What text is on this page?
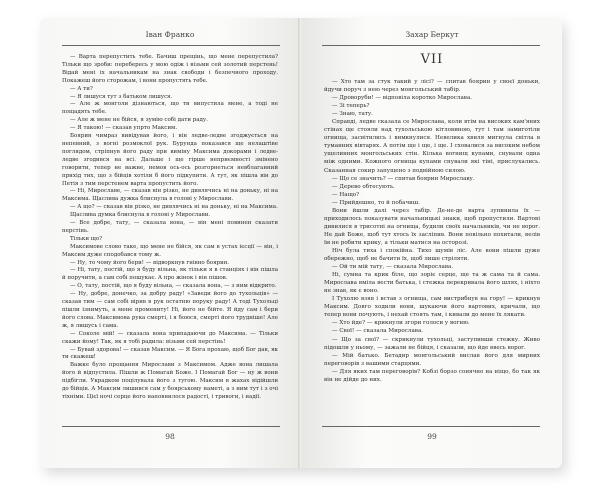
Іван Франко

— Варта перепустить тебе. Бачиш прещінь, що мене перепустила? Тільки що зроби: перебересь у мою одіж і візьми сей золотий перстень! Відай мені іх начальникам на знак свободи і безпечного проходу. Покажеш його сторожам, і вони пропустять тебе.

— А ти?

— Я лишуся тут з батьком лишуся.

— Але ж монголи дізнаються, що ти випустила мене, а тоді не пощадять тебе.

— Але ж мене не бійся, я зумію собі дати раду.

— Я такою! — сказав упрто Максим.

Боярин чимраз вивідував його, і він ледве-ледве згоджується на непевний, з вогні розмоклої рук. Бурунда показався ще нелаштіве поглядом, стріпнув його раду при виміну Максима докорами і ледве-ледве згодився на всі. Дальше і ще гірше неприємності змінено говорити, тепер не важне, немов ось-ось розгорнеться невблаганний прихід тих, що з бійців хотіли б його підкупити. А тут, як пішла він до Петія з тим перстенем варта пропустить його.

— Ні, Мирославе, — сказав він різко, не дивлячись ні на доньку, ні на Максима. Щаслива дужка блиснула в голові у Мирослави.

— А що? — сказав він різко, не дивлячись ні на доньку, ні на Максима.

Щаслива думка блиснула в голові у Мирослави.

— Все добре, тату, — сказала вона, — він мені повинен сказати перстінь.

Тільки що?

Максимове слово таке, що мене не бійся, як сам в устах ієсції — він, і Максим дуже сподобався тому ж.

— Ну, то чому його бери! — відворкнув гнівно боярин.

— Ні, тату, постій, що я буду вільна, як тільки я в станціях і він пішла й поручити, а сам собі пошукає. А про жінок і він пішов.

— О, тату, постій, що я буду вільна, — сказала вона, — з ним відкрито.

— Ну, добре, донечко, за добру раду! «Заведи його до тухольців» — сказав тим — сам собі вірив в рук остатню поруку раду! А тоді Тухольці пішли ізнимуть, а мене промениту! Ні, його не бійте. Я йду сам і бери його слова. Максимова рука смерті, і я боюся, смерті його трудніше! Але ж, я лишусь і сама.

— Соколе мій! — сказала вона припадаючи до Максима. — Тільки скажи йому! Так, як я тобі радила: візьми сей перстінь!

— Бувай здорова! — сказав Максим. — Я Бога прохаю, щоб Бог дав, як ти скажеш!

Важке було прощання Мирослави з Максимом. Адже вона лишала його й відпустила. Пішли ж Помагай Боже. І Помагай Бог — ну ж вони підбігли. Украдком поцілувала його з тугою. Максим в жахах відійшли до бійців. А Максим лишився сам у боярському наметі, а з ним тут і з очі тіхніми. Цієї ночі серце його наповнилося радості, і тривоги, і надії.

98
Захар Беркут
VII

— Хто там за стук такий у лісі? — спитав боярин у своєї доньки, йдучи поруч з нею через монгольський табір.

— Дроворуби! — відповіла коротко Мирослава.

— Зі теперь?

— Знаю, тату.

Справді, ледве сказала се Мирослава, коли втім на високих кам'яних стінах ще стояли над тухольською кітловиною, тут і там замиготіли огнища, засвітились і вимкнулися. Невелика хвиля мигнула світла в туманних вівтарях. А потім ще і ще, і ще. І сховалися за високим небом ущелинних монгольських стін. Кілька вогнищ купами, снували одна між одними. Кожного огнища купами снували які тіні, прислухались. Сказанная сокир запущено з подвійною силою.

— Що се значить? — спитав боярин Мирославу.

— Дерево обтесують.

— Нащо?

— Прийдешно, то й побачиш.

Вони йшли далі через табір. Де-не-де варта зупинила їх — приходилось показувати начальницькі знаки, щоб пропустили. Вартові дивилися в трисотні на огнища, будили своїх начальників, чи не ворог. Не дай Боже, щоб тут хтось їх засліпив. Вони повільно похитали, велів їм не робити крику, а тільки матися на осторозі.

Ніч була тиха і спокійна. Тихо шумів ліс. Але вони пішли дуже обережно, щоб не бачити їх, щоб лише стріляти.

— Ой ти мій тату, — сказала Мирослава.

Ні, сумна та крик біле, що зоріє серце, ще та ж сама та й сама. Мирослава вміла вести батька, і стежка перекривала його шлях, і ніхто не знав, як є воно.

І Тухолю взяв і встав з огнища, сам вистрибнув на гору! — крикнув Максим. Довго ходили вони, шукаючи його вартових, кричали, що тепер вони почують, і нехай стоять там, і кивали до мене їх лякати.

— Хто йде? — крикнули згори голоси у вогню.

— Свої! — сказала Мирослава.

— Що за свої? — скрикнули тухольці, заступивши стежку. Живо підошли у ньому, — зажали не бійця, і сказали, що йде ввесь ворог.

— Мій батько. Бетадир монгольський вислав його для мирних переговорів з вашими старцями.

— Для яких там переговорів? Кобзі борзо сонячно на ніщо, бо так як він не дійде до них.

99
